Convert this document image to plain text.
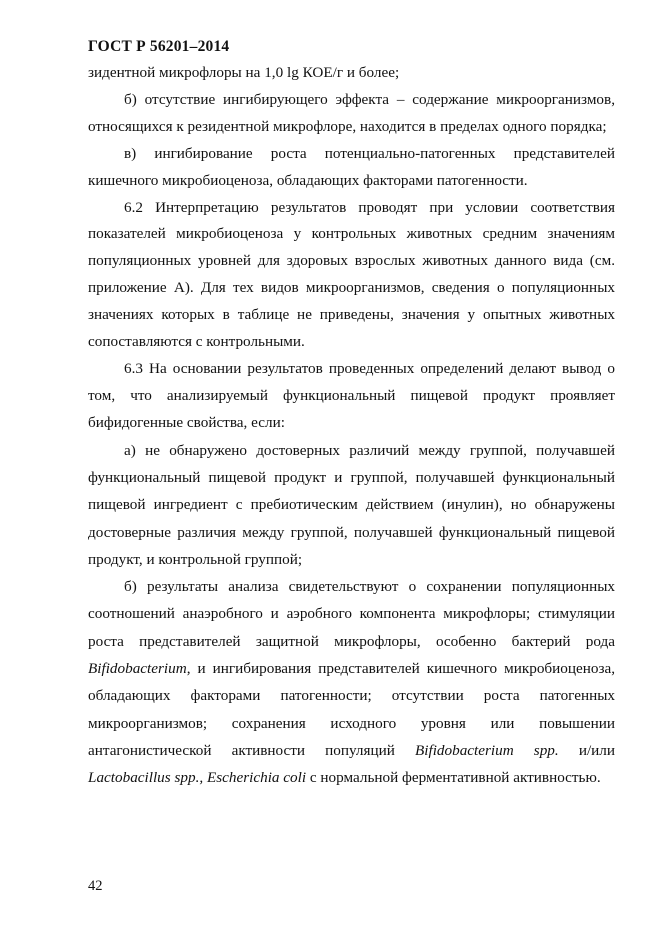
ГОСТ Р 56201–2014

зидентной микрофлоры на 1,0 lg КОЕ/г и более;

б) отсутствие ингибирующего эффекта – содержание микроорганизмов, относящихся к резидентной микрофлоре, находится в пределах одного порядка;

в) ингибирование роста потенциально-патогенных представителей кишечного микробиоценоза, обладающих факторами патогенности.

6.2 Интерпретацию результатов проводят при условии соответствия показателей микробиоценоза у контрольных животных средним значениям популяционных уровней для здоровых взрослых животных данного вида (см. приложение А). Для тех видов микроорганизмов, сведения о популяционных значениях которых в таблице не приведены, значения у опытных животных сопоставляются с контрольными.

6.3 На основании результатов проведенных определений делают вывод о том, что анализируемый функциональный пищевой продукт проявляет бифидогенные свойства, если:

а) не обнаружено достоверных различий между группой, получавшей функциональный пищевой продукт и группой, получавшей функциональный пищевой ингредиент с пребиотическим действием (инулин), но обнаружены достоверные различия между группой, получавшей функциональный пищевой продукт, и контрольной группой;

б) результаты анализа свидетельствуют о сохранении популяционных соотношений анаэробного и аэробного компонента микрофлоры; стимуляции роста представителей защитной микрофлоры, особенно бактерий рода Bifidobacterium, и ингибирования представителей кишечного микробиоценоза, обладающих факторами патогенности; отсутствии роста патогенных микроорганизмов; сохранения исходного уровня или повышении антагонистической активности популяций Bifidobacterium spp. и/или Lactobacillus spp., Escherichia coli с нормальной ферментативной активностью.

42
